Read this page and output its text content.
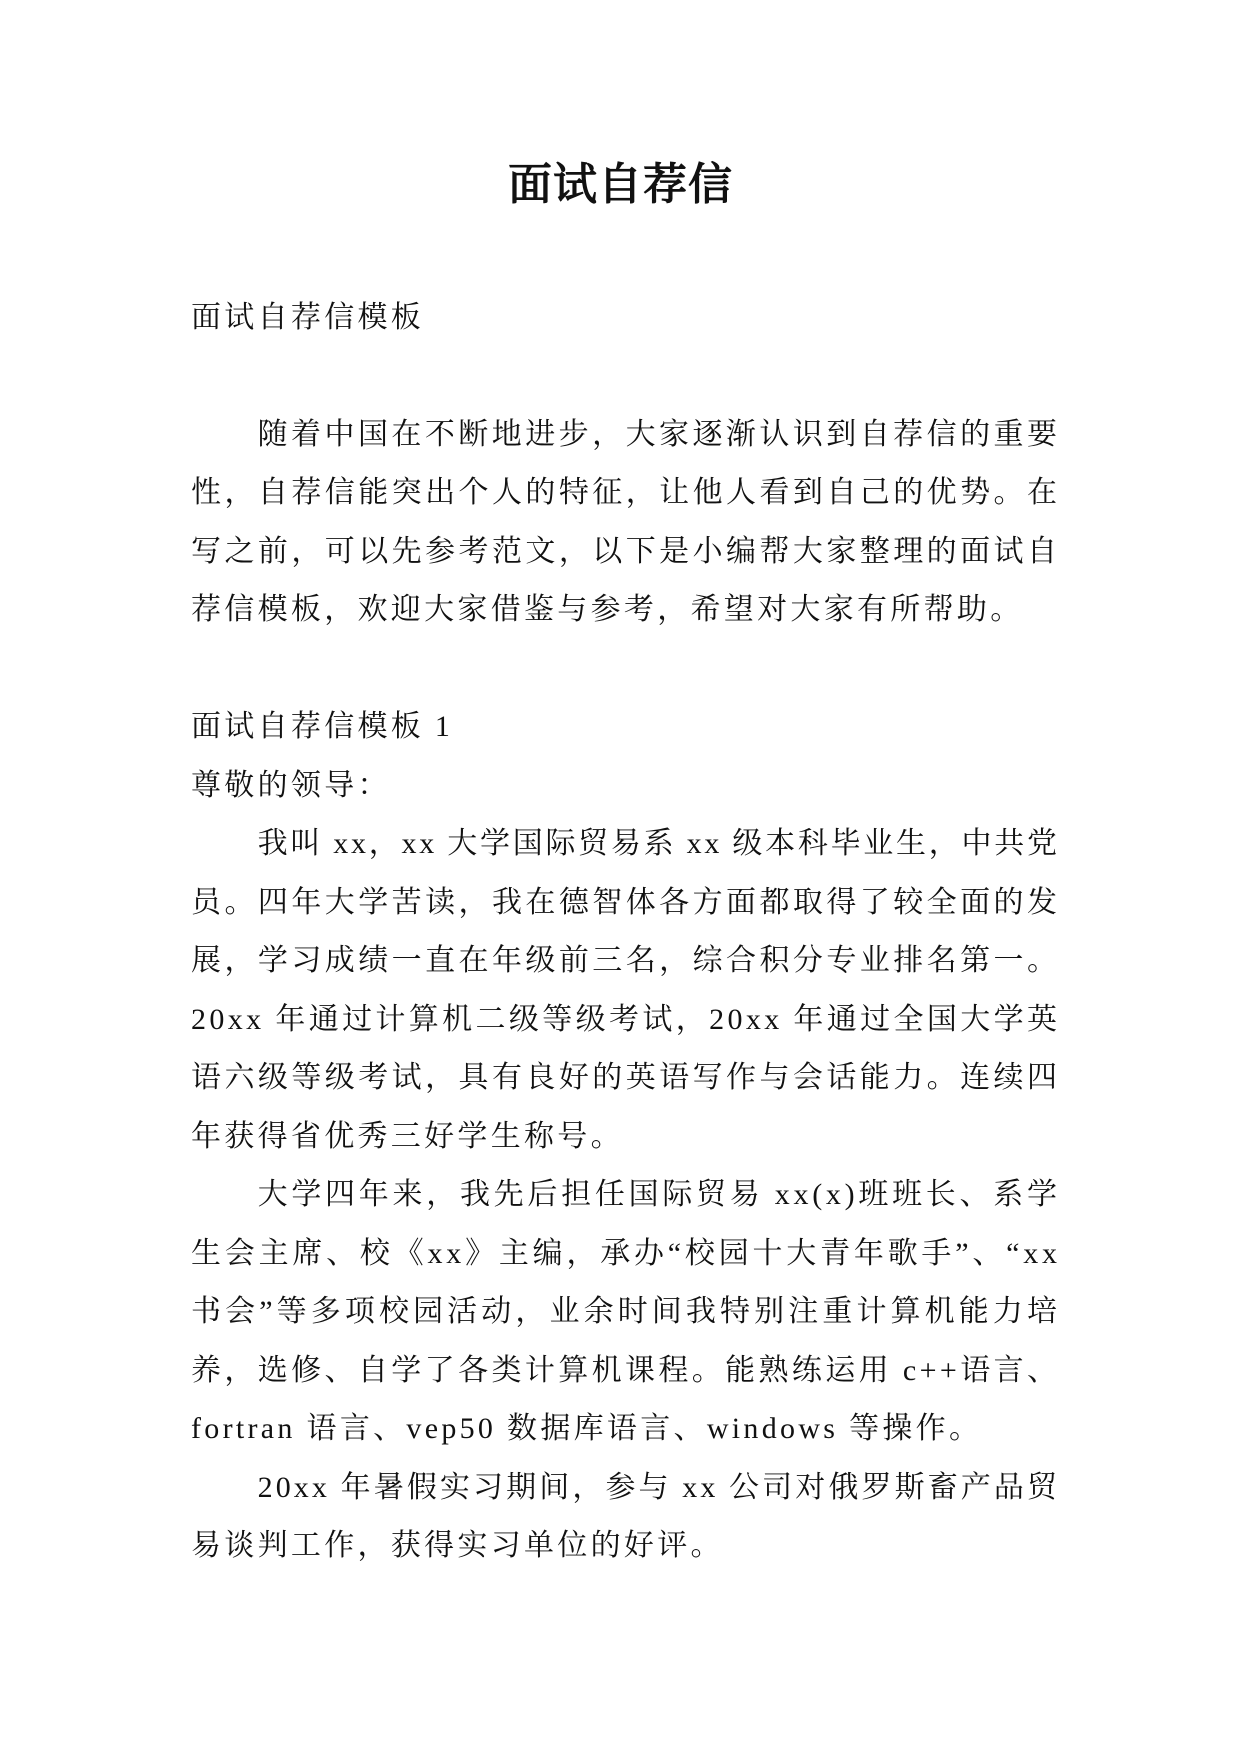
面试自荐信
面试自荐信模板
随着中国在不断地进步，大家逐渐认识到自荐信的重要
性，自荐信能突出个人的特征，让他人看到自己的优势。在
写之前，可以先参考范文，以下是小编帮大家整理的面试自
荐信模板，欢迎大家借鉴与参考，希望对大家有所帮助。
面试自荐信模板 1
尊敬的领导：
我叫 xx，xx 大学国际贸易系 xx 级本科毕业生，中共党
员。四年大学苦读，我在德智体各方面都取得了较全面的发
展，学习成绩一直在年级前三名，综合积分专业排名第一。
20xx 年通过计算机二级等级考试，20xx 年通过全国大学英
语六级等级考试，具有良好的英语写作与会话能力。连续四
年获得省优秀三好学生称号。
大学四年来，我先后担任国际贸易 xx(x)班班长、系学
生会主席、校《xx》主编，承办“校园十大青年歌手”、“xx
书会”等多项校园活动，业余时间我特别注重计算机能力培
养，选修、自学了各类计算机课程。能熟练运用 c++语言、
fortran 语言、vep50 数据库语言、windows 等操作。
20xx 年暑假实习期间，参与 xx 公司对俄罗斯畜产品贸
易谈判工作，获得实习单位的好评。
